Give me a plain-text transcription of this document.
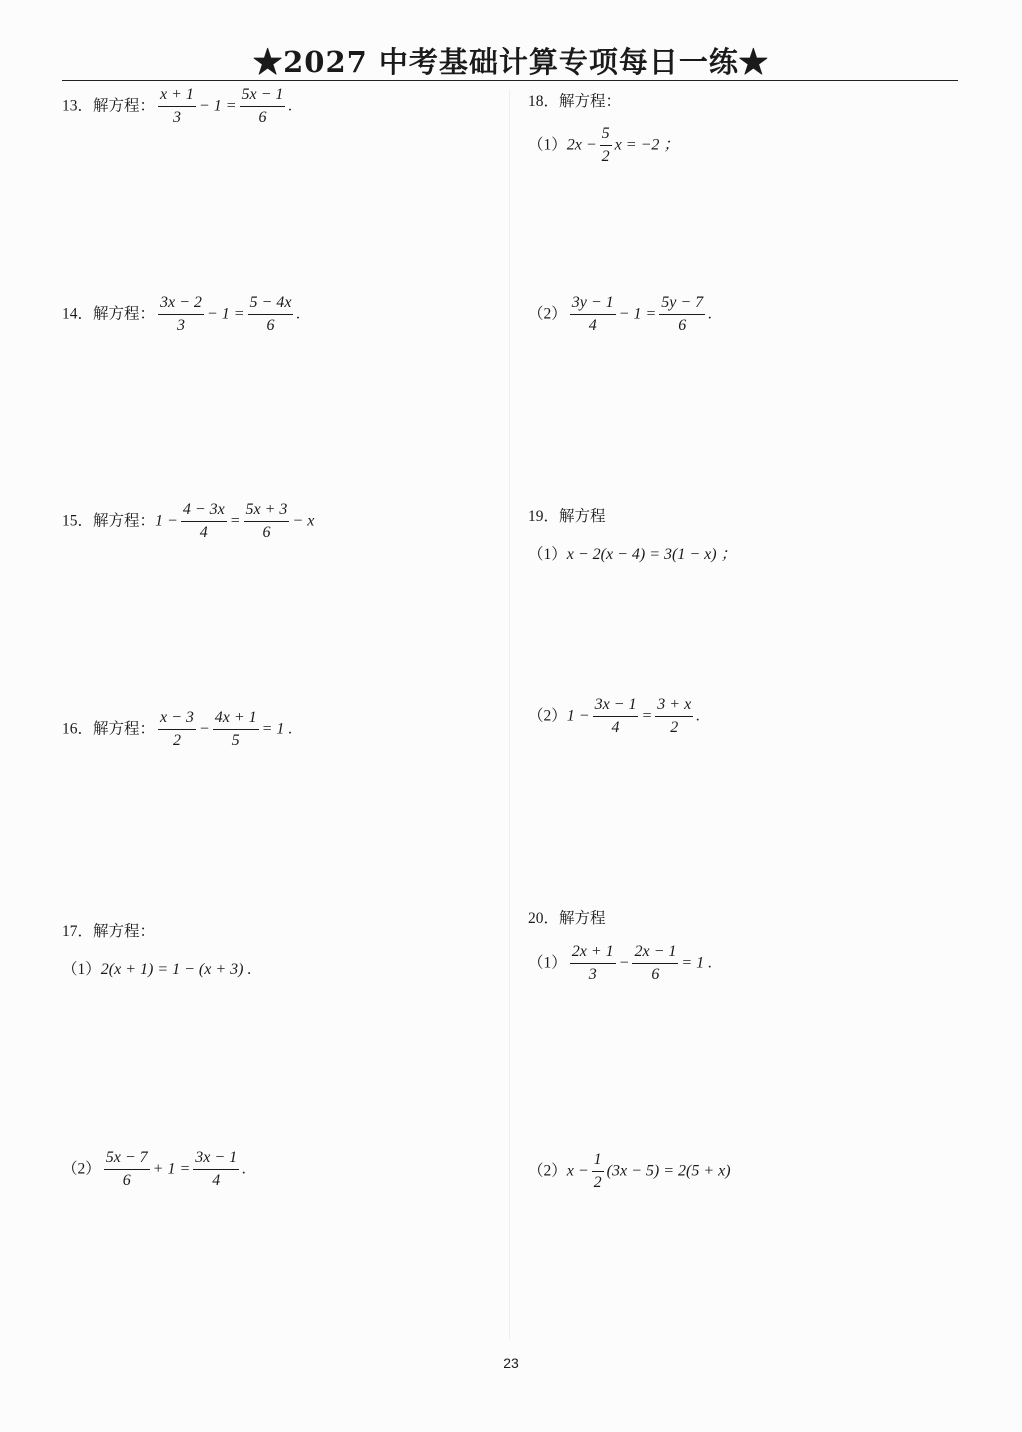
★2027 中考基础计算专项每日一练★
13．解方程： $\frac{x + 1}{3} - 1 = \frac{5x - 1}{6}$ .
14．解方程： $\frac{3x - 2}{3} - 1 = \frac{5 - 4x}{6}$ .
15．解方程：$1 - \frac{4 - 3x}{4} = \frac{5x + 3}{6} - x$
16．解方程： $\frac{x - 3}{2} - \frac{4x + 1}{5} = 1$ .
17．解方程：
（1）2(x + 1) = 1 − (x + 3) .
$(2) \frac{5x - 7}{6} + 1 = \frac{3x - 1}{4}$ .
18．解方程：
$(1)2x - \frac{5}{2}$ x = −2 ；
$(2) \frac{3y - 1}{4} - 1 = \frac{5y - 7}{6}$ .
19．解方程
（1）x − 2(x − 4) = 3(1 − x) ；
$(2)1 - \frac{3x - 1}{4} = \frac{3 + x}{2}$ .
20．解方程
$(1) \frac{2x + 1}{3} - \frac{2x - 1}{6} = 1$ .
$(2)x - \frac{1}{2} (3x - 5) = 2(5 + x)$
23
